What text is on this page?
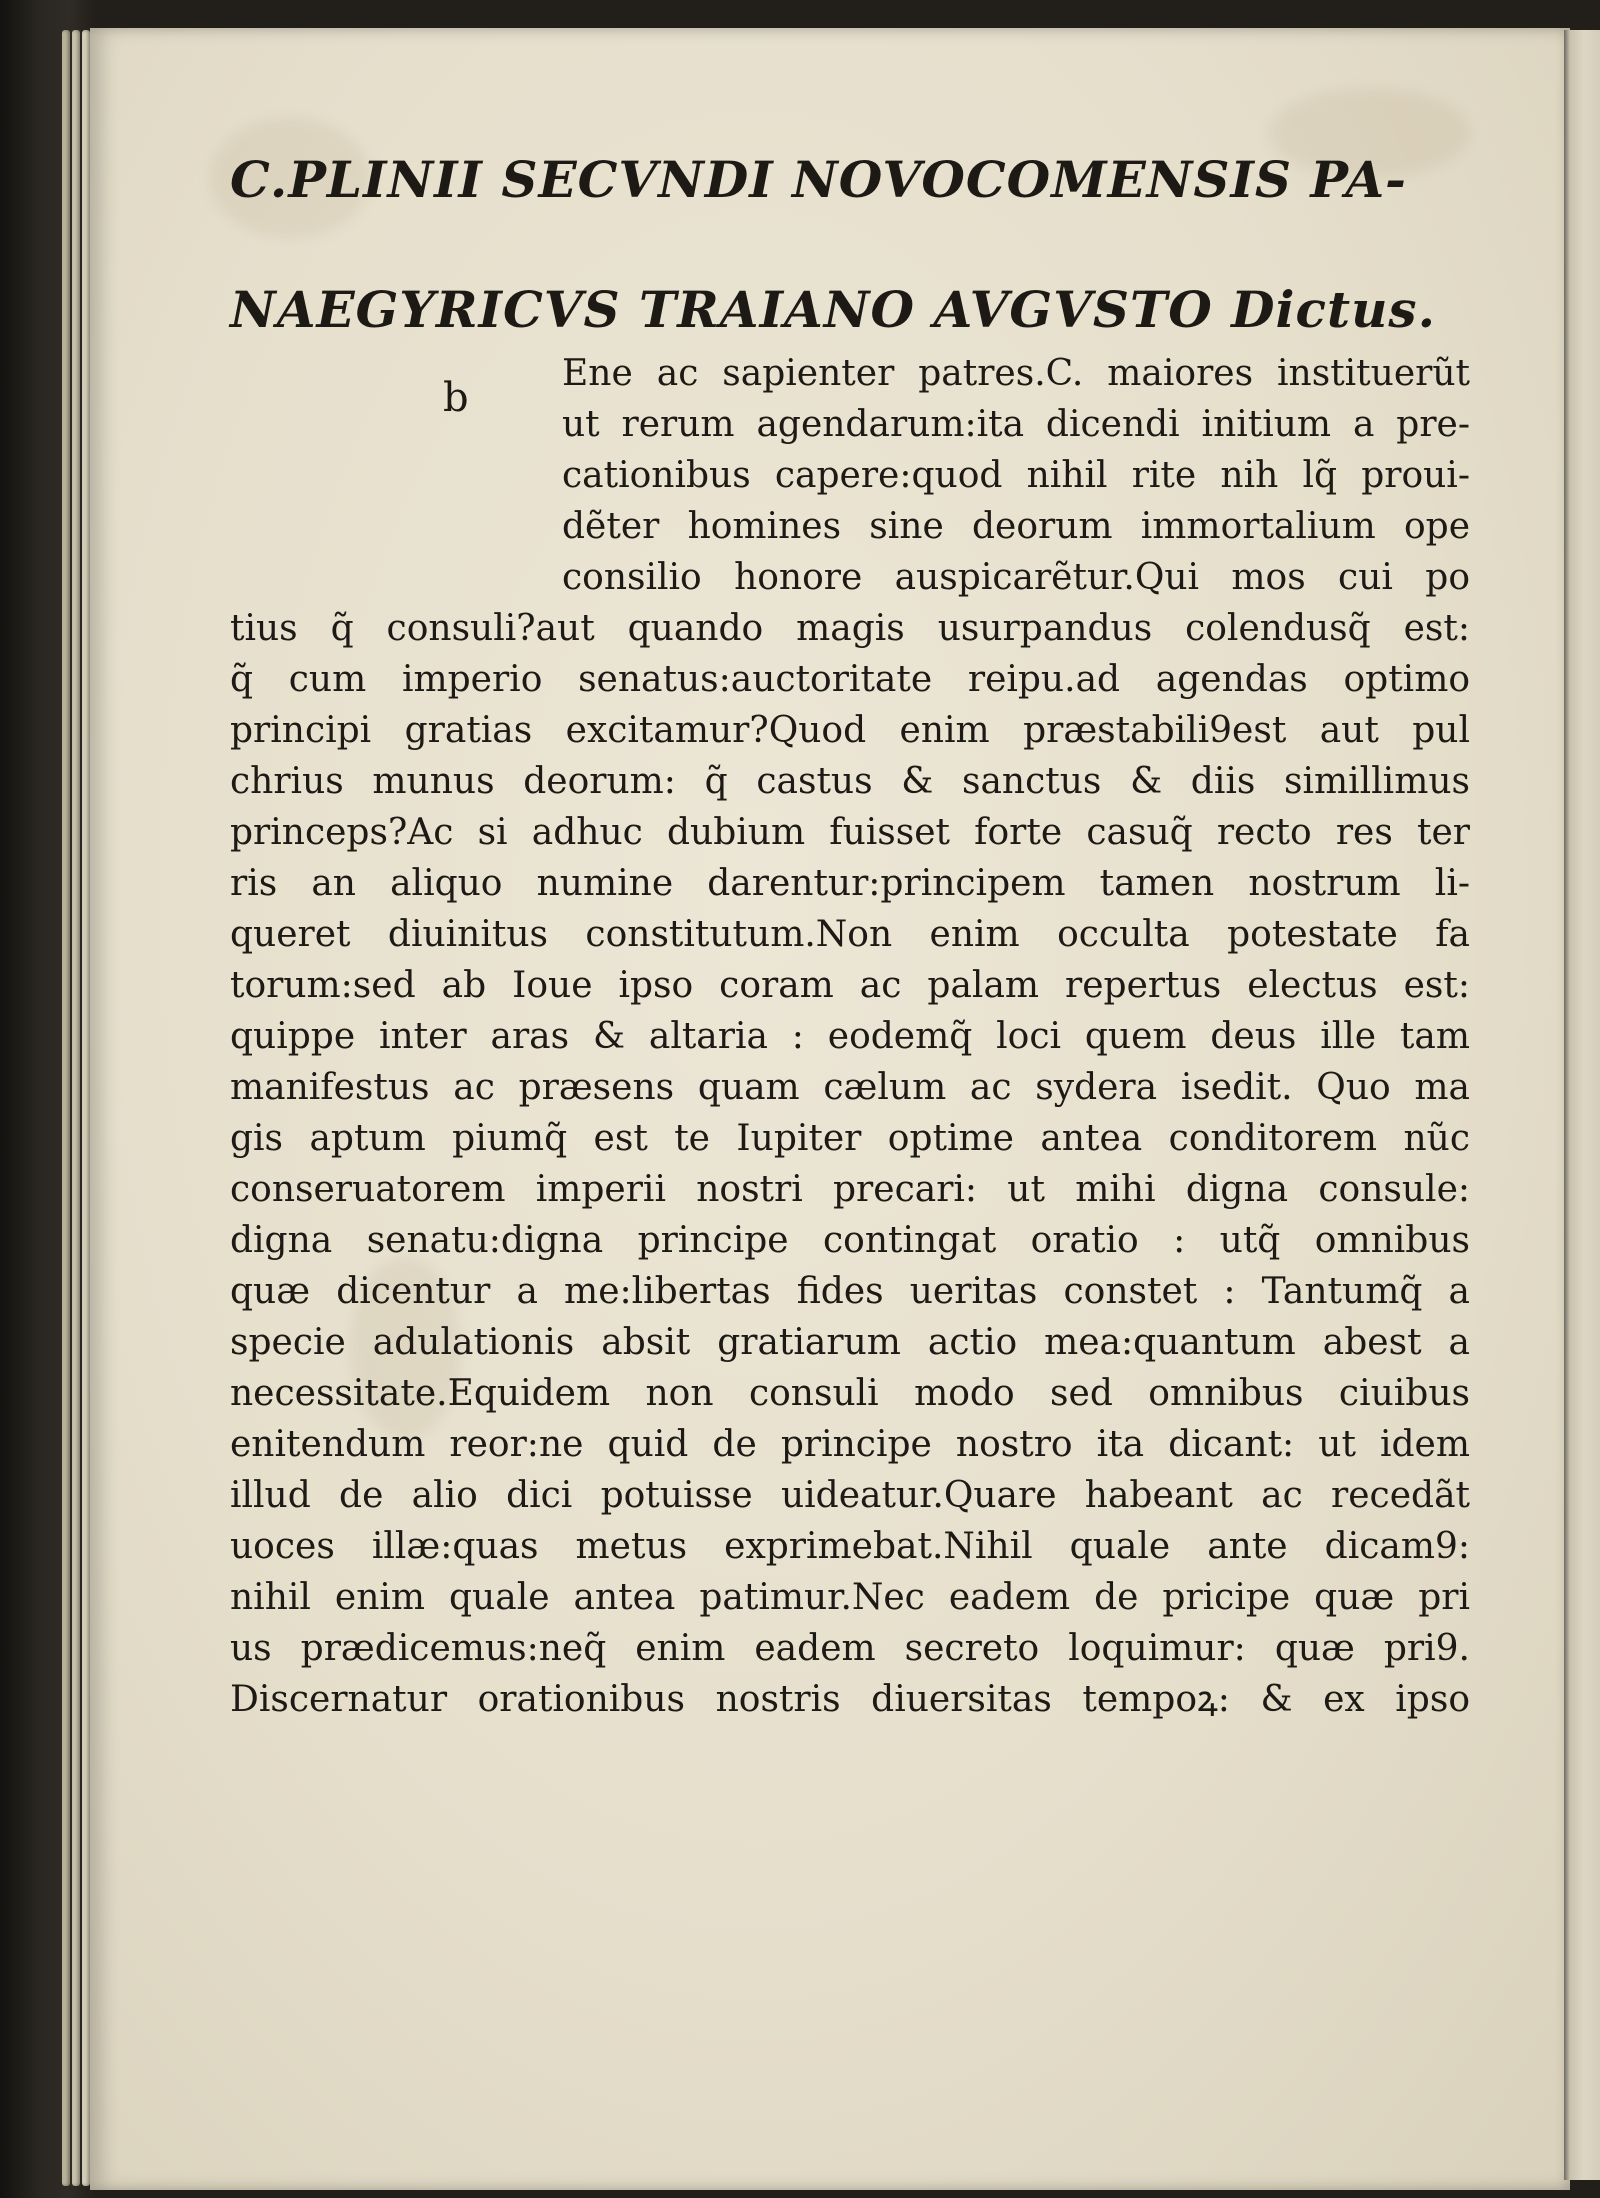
b
C.PLINII SECVNDI NOVOCOMENSIS PA-
NAEGYRICVS TRAIANO AVGVSTO Dictus.
Ene ac sapienter patres.C. maiores instituerũt
ut rerum agendarum:ita dicendi initium a pre-
cationibus capere:quod nihil rite nih lq̃ proui-
dẽter homines sine deorum immortalium ope
consilio honore auspicarẽtur.Qui mos cui po
tius q̃ consuli?aut quando magis usurpandus colendusq̃ est:
q̃ cum imperio senatus:auctoritate reipu.ad agendas optimo
principi gratias excitamur?Quod enim præstabili9est aut pul
chrius munus deorum: q̃ castus & sanctus & diis simillimus
princeps?Ac si adhuc dubium fuisset forte casuq̃ recto res ter
ris an aliquo numine darentur:principem tamen nostrum li-
queret diuinitus constitutum.Non enim occulta potestate fa
torum:sed ab Ioue ipso coram ac palam repertus electus est:
quippe inter aras & altaria : eodemq̃ loci quem deus ille tam
manifestus ac præsens quam cælum ac sydera isedit. Quo ma
gis aptum piumq̃ est te Iupiter optime antea conditorem nũc
conseruatorem imperii nostri precari: ut mihi digna consule:
digna senatu:digna principe contingat oratio : utq̃ omnibus
quæ dicentur a me:libertas fides ueritas constet : Tantumq̃ a
specie adulationis absit gratiarum actio mea:quantum abest a
necessitate.Equidem non consuli modo sed omnibus ciuibus
enitendum reor:ne quid de principe nostro ita dicant: ut idem
illud de alio dici potuisse uideatur.Quare habeant ac recedãt
uoces illæ:quas metus exprimebat.Nihil quale ante dicam9:
nihil enim quale antea patimur.Nec eadem de pricipe quæ pri
us prædicemus:neq̃ enim eadem secreto loquimur: quæ pri9.
Discernatur orationibus nostris diuersitas tempoꝝ: & ex ipso
